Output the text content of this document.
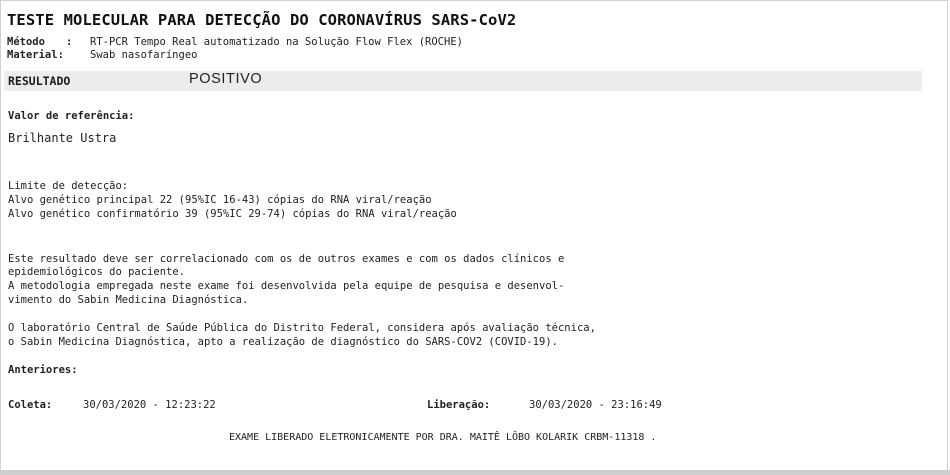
TESTE MOLECULAR PARA DETECÇÃO DO CORONAVÍRUS SARS-CoV2
Método : RT-PCR Tempo Real automatizado na Solução Flow Flex (ROCHE)
Material: Swab nasofaríngeo
RESULTADO	POSITIVO
Valor de referência:
Brilhante Ustra
Limite de detecção:
Alvo genético principal 22 (95%IC 16-43) cópias do RNA viral/reação
Alvo genético confirmatório 39 (95%IC 29-74) cópias do RNA viral/reação
Este resultado deve ser correlacionado com os de outros exames e com os dados clínicos e
epidemiológicos do paciente.
A metodologia empregada neste exame foi desenvolvida pela equipe de pesquisa e desenvol-
vimento do Sabin Medicina Diagnóstica.
O laboratório Central de Saúde Pública do Distrito Federal, considera após avaliação técnica,
o Sabin Medicina Diagnóstica, apto a realização de diagnóstico do SARS-COV2 (COVID-19).
Anteriores:
Coleta:	30/03/2020 - 12:23:22	Liberação:	30/03/2020 - 23:16:49
EXAME LIBERADO ELETRONICAMENTE POR DRA. MAITÊ LÔBO KOLARIK CRBM-11318 .
